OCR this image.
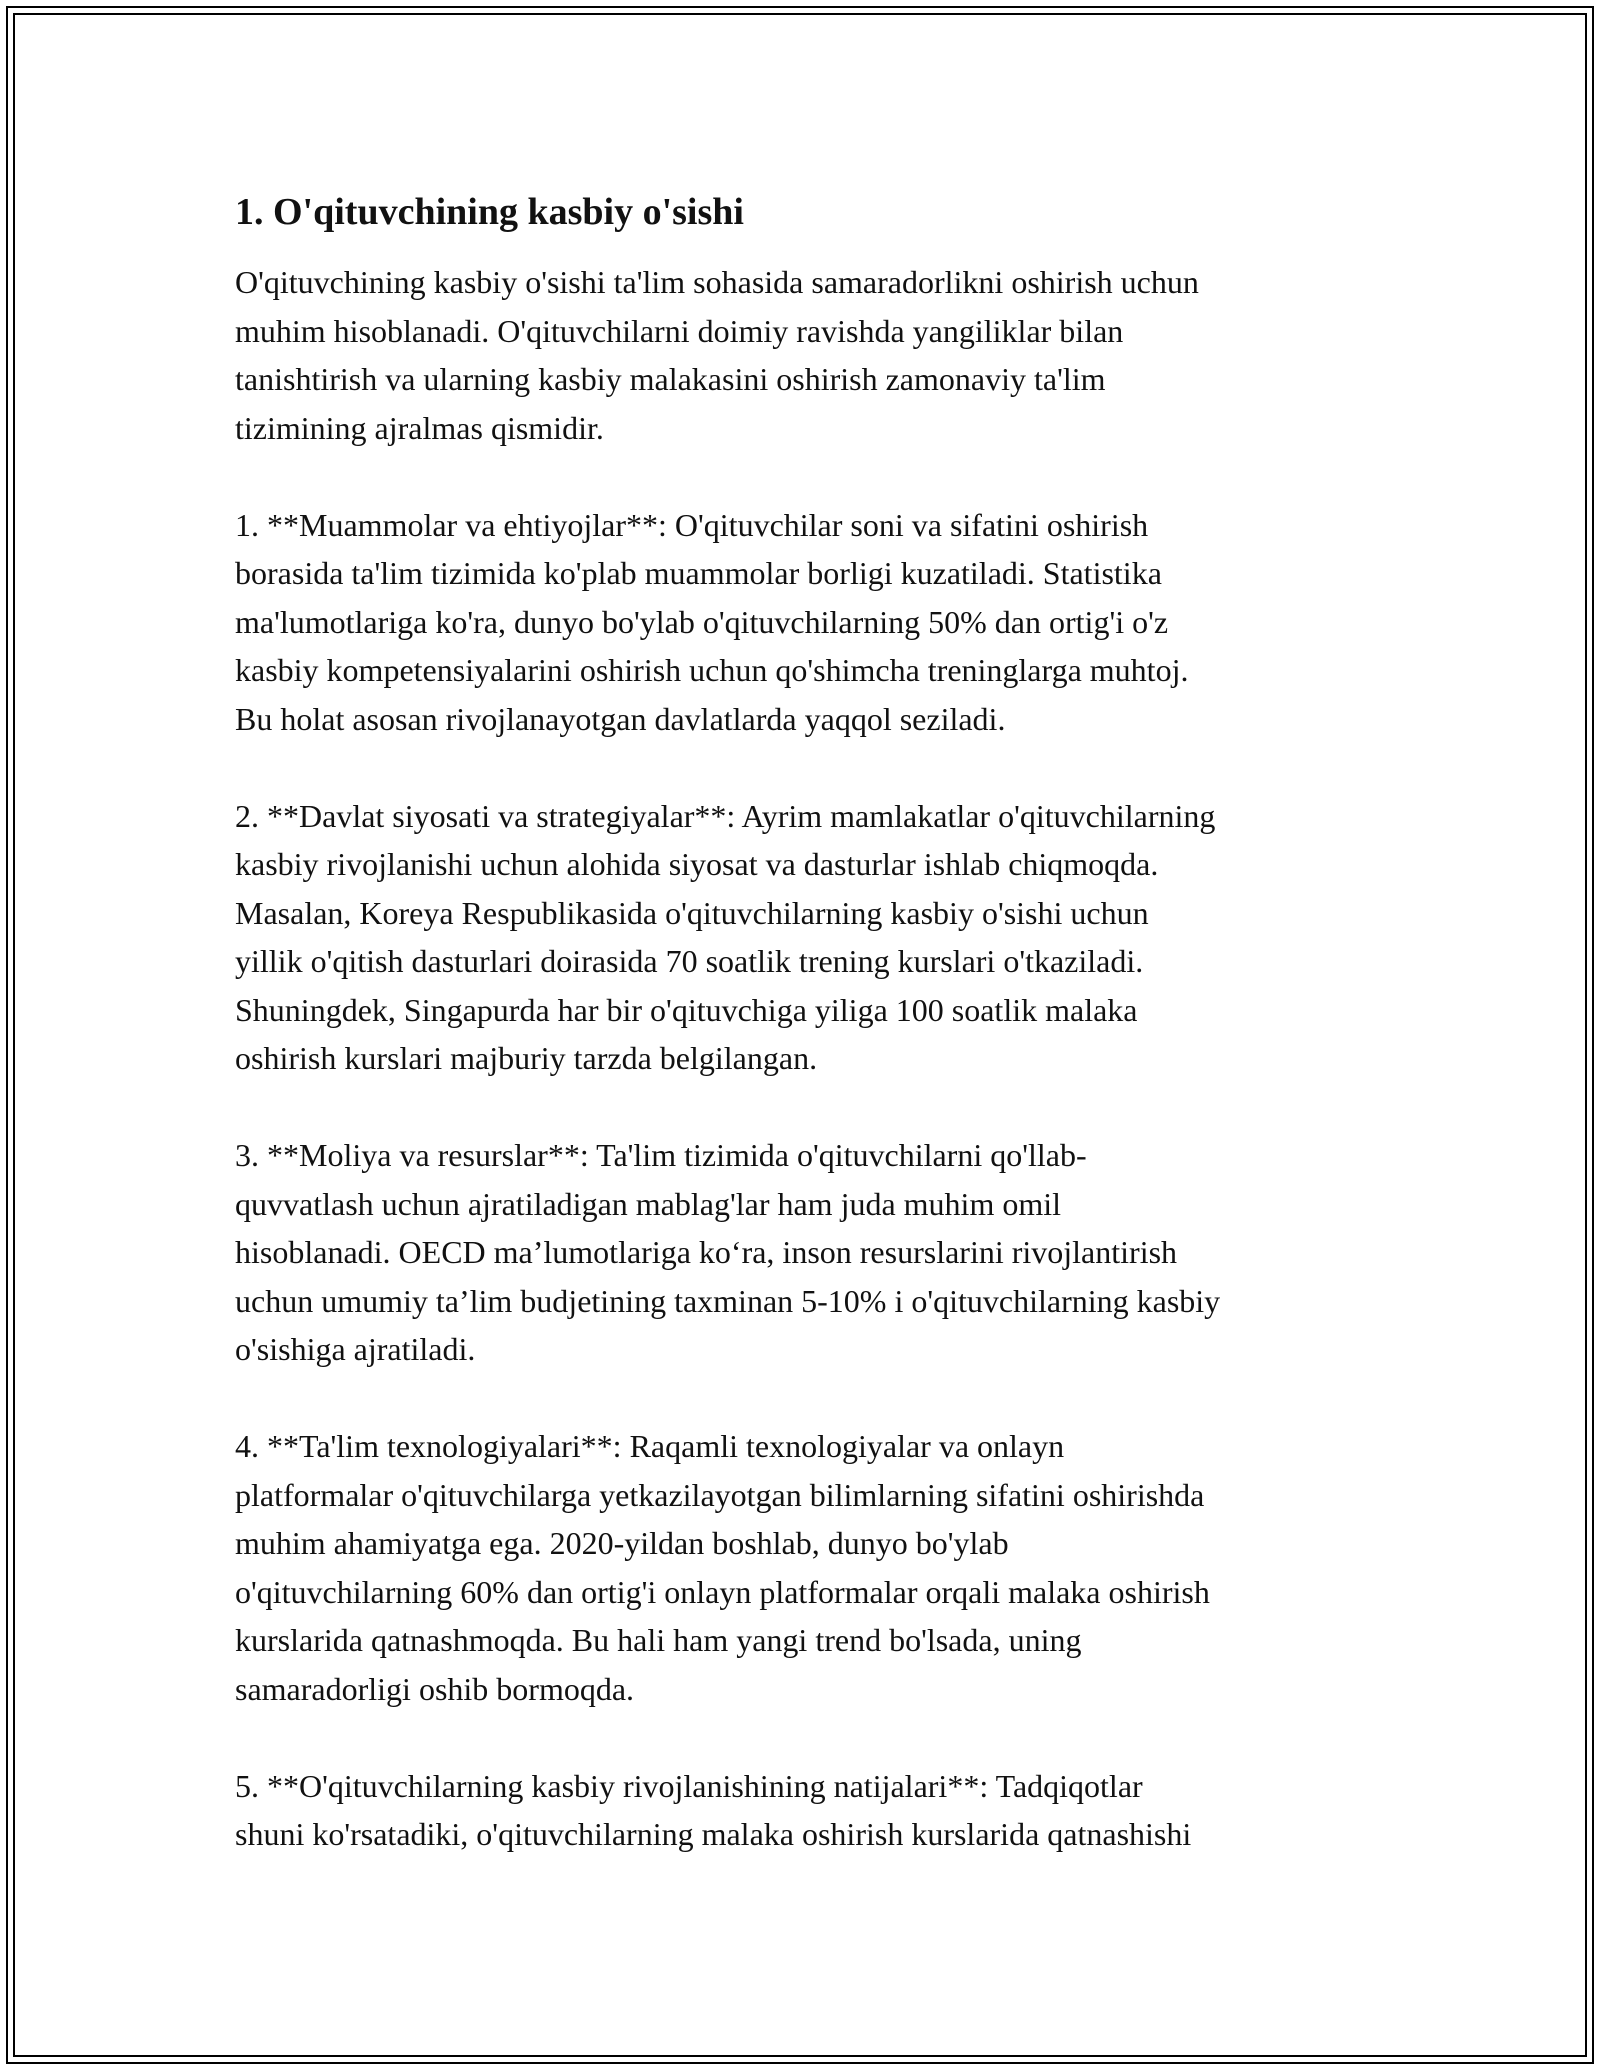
1. O'qituvchining kasbiy o'sishi

O'qituvchining kasbiy o'sishi ta'lim sohasida samaradorlikni oshirish uchun
muhim hisoblanadi. O'qituvchilarni doimiy ravishda yangiliklar bilan
tanishtirish va ularning kasbiy malakasini oshirish zamonaviy ta'lim
tizimining ajralmas qismidir.

1. **Muammolar va ehtiyojlar**: O'qituvchilar soni va sifatini oshirish
borasida ta'lim tizimida ko'plab muammolar borligi kuzatiladi. Statistika
ma'lumotlariga ko'ra, dunyo bo'ylab o'qituvchilarning 50% dan ortig'i o'z
kasbiy kompetensiyalarini oshirish uchun qo'shimcha treninglarga muhtoj.
Bu holat asosan rivojlanayotgan davlatlarda yaqqol seziladi.

2. **Davlat siyosati va strategiyalar**: Ayrim mamlakatlar o'qituvchilarning
kasbiy rivojlanishi uchun alohida siyosat va dasturlar ishlab chiqmoqda.
Masalan, Koreya Respublikasida o'qituvchilarning kasbiy o'sishi uchun
yillik o'qitish dasturlari doirasida 70 soatlik trening kurslari o'tkaziladi.
Shuningdek, Singapurda har bir o'qituvchiga yiliga 100 soatlik malaka
oshirish kurslari majburiy tarzda belgilangan.

3. **Moliya va resurslar**: Ta'lim tizimida o'qituvchilarni qo'llab-
quvvatlash uchun ajratiladigan mablag'lar ham juda muhim omil
hisoblanadi. OECD ma’lumotlariga ko‘ra, inson resurslarini rivojlantirish
uchun umumiy ta’lim budjetining taxminan 5-10% i o'qituvchilarning kasbiy
o'sishiga ajratiladi.

4. **Ta'lim texnologiyalari**: Raqamli texnologiyalar va onlayn
platformalar o'qituvchilarga yetkazilayotgan bilimlarning sifatini oshirishda
muhim ahamiyatga ega. 2020-yildan boshlab, dunyo bo'ylab
o'qituvchilarning 60% dan ortig'i onlayn platformalar orqali malaka oshirish
kurslarida qatnashmoqda. Bu hali ham yangi trend bo'lsada, uning
samaradorligi oshib bormoqda.

5. **O'qituvchilarning kasbiy rivojlanishining natijalari**: Tadqiqotlar
shuni ko'rsatadiki, o'qituvchilarning malaka oshirish kurslarida qatnashishi
